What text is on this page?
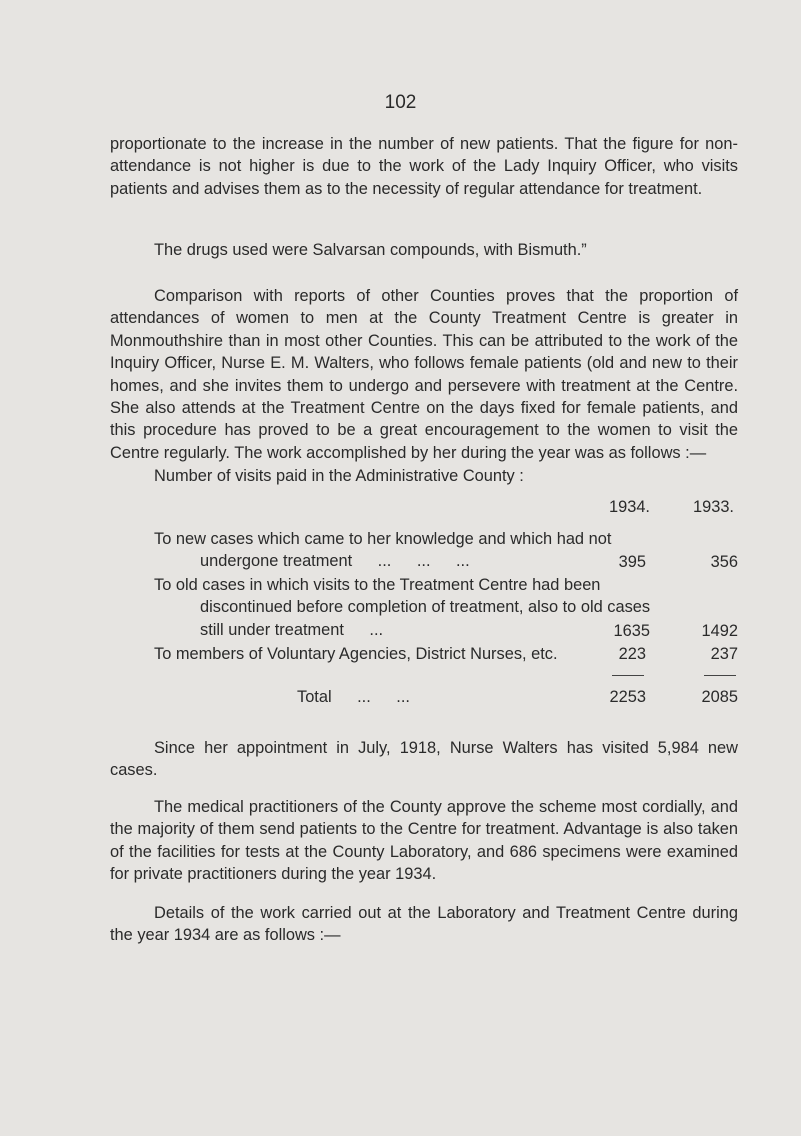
102

proportionate to the increase in the number of new patients. That the figure for non-attendance is not higher is due to the work of the Lady Inquiry Officer, who visits patients and advises them as to the necessity of regular attendance for treatment.

The drugs used were Salvarsan compounds, with Bismuth.”

Comparison with reports of other Counties proves that the proportion of attendances of women to men at the County Treatment Centre is greater in Monmouthshire than in most other Counties. This can be attributed to the work of the Inquiry Officer, Nurse E. M. Walters, who follows female patients (old and new to their homes, and she invites them to undergo and persevere with treatment at the Centre. She also attends at the Treatment Centre on the days fixed for female patients, and this procedure has proved to be a great encouragement to the women to visit the Centre regularly. The work accomplished by her during the year was as follows :—

Number of visits paid in the Administrative County :

1934.	1933.
To new cases which came to her knowledge and which had not undergone treatment   ...   ...   ...	395	356
To old cases in which visits to the Treatment Centre had been discontinued before completion of treatment, also to old cases still under treatment   ...	1635	1492
To members of Voluntary Agencies, District Nurses, etc.	223	237
Total   ...   ...	2253	2085

Since her appointment in July, 1918, Nurse Walters has visited 5,984 new cases.

The medical practitioners of the County approve the scheme most cordially, and the majority of them send patients to the Centre for treatment. Advantage is also taken of the facilities for tests at the County Laboratory, and 686 specimens were examined for private practitioners during the year 1934.

Details of the work carried out at the Laboratory and Treatment Centre during the year 1934 are as follows :—
